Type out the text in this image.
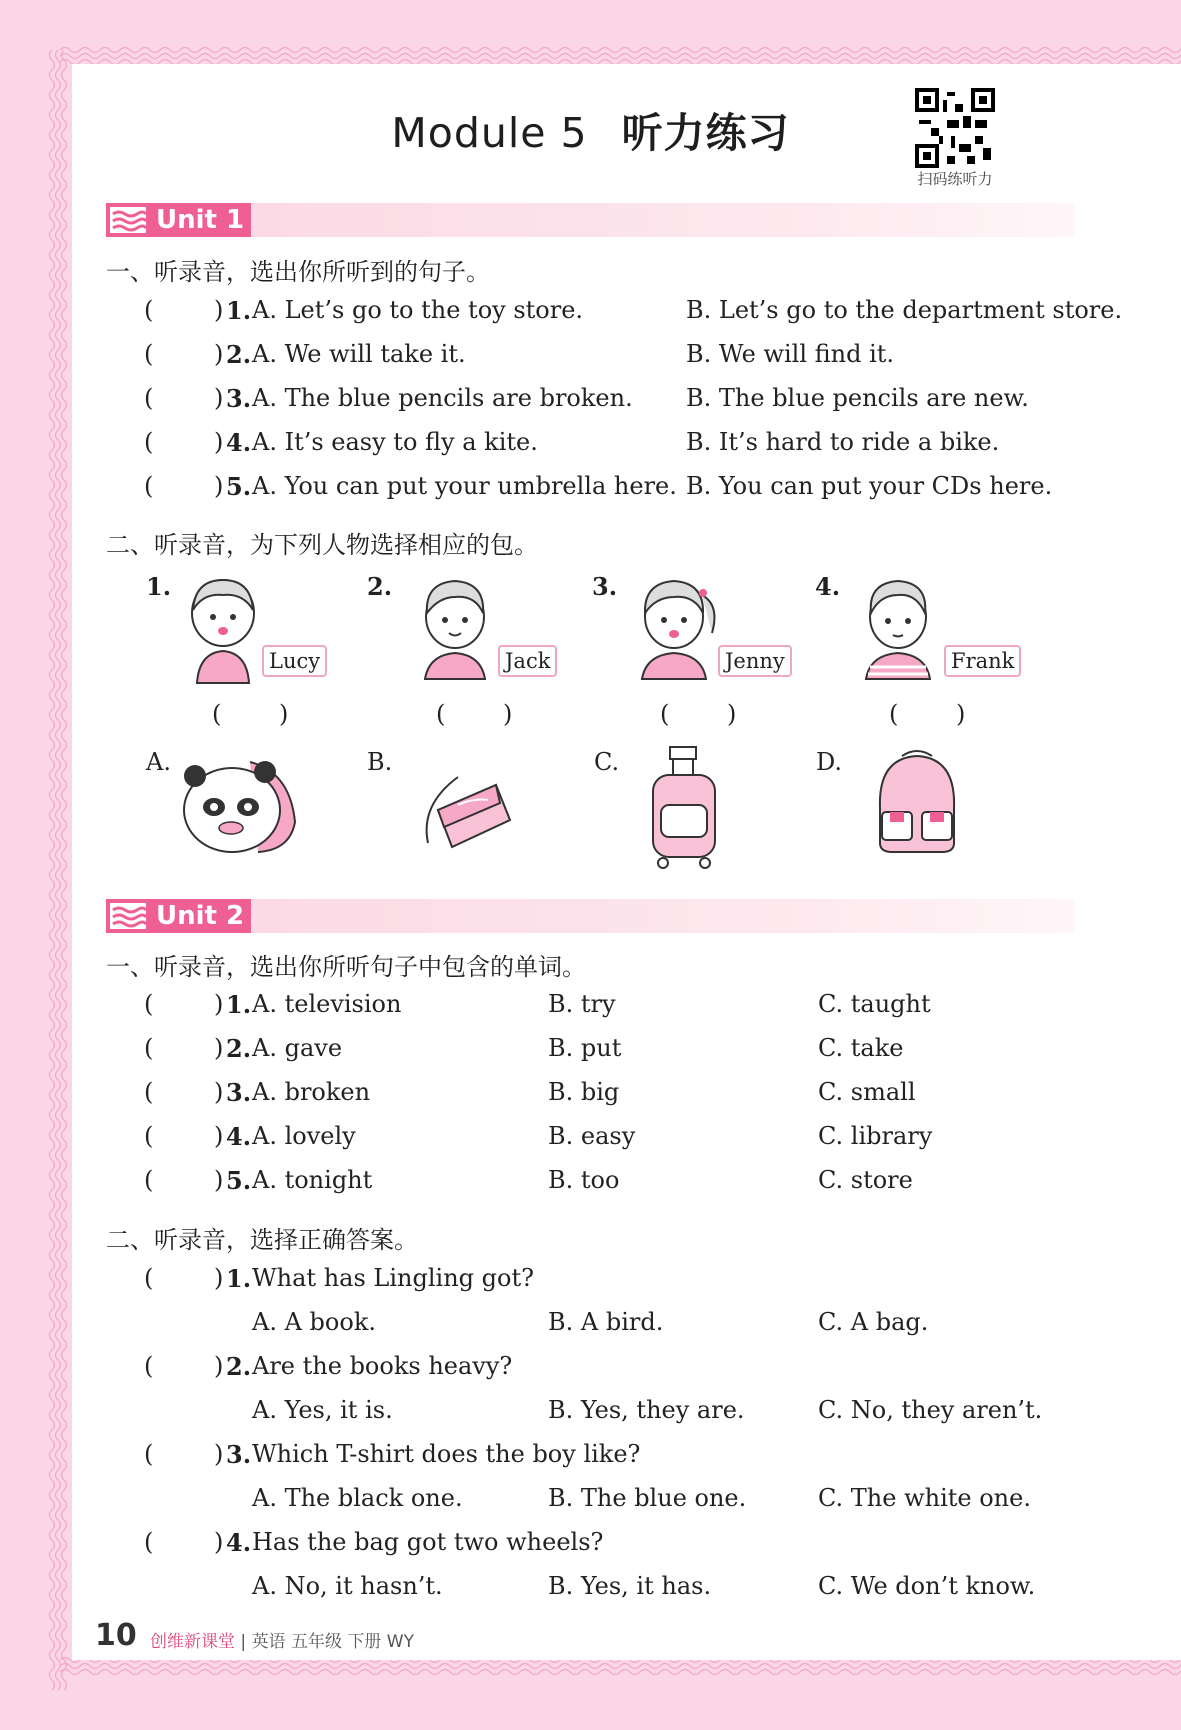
Module 5 听力练习
扫码练听力
Unit 1
一、听录音，选出你所听到的句子。
(	) 1. A. Let’s go to the toy store.	B. Let’s go to the department store.
(	) 2. A. We will take it.	B. We will find it.
(	) 3. A. The blue pencils are broken. B. The blue pencils are new.
(	) 4. A. It’s easy to fly a kite.	B. It’s hard to ride a bike.
(	) 5. A. You can put your umbrella here. B. You can put your CDs here.
二、听录音，为下列人物选择相应的包。
1.
Lucy
2.
Jack
3.
Jenny
4.
Frank
( )	( )	( )	( )
A.	B.	C.	D.
Unit 2
一、听录音，选出你所听句子中包含的单词。
(	) 1. A. television	B. try	C. taught
(	) 2. A. gave	B. put	C. take
(	) 3. A. broken	B. big	C. small
(	) 4. A. lovely	B. easy	C. library
(	) 5. A. tonight	B. too	C. store
二、听录音，选择正确答案。
(	) 1. What has Lingling got?
A. A book.	B. A bird.	C. A bag.
(	) 2. Are the books heavy?
A. Yes, it is.	B. Yes, they are.	C. No, they aren’t.
(	) 3. Which T-shirt does the boy like?
A. The black one.	B. The blue one.	C. The white one.
(	) 4. Has the bag got two wheels?
A. No, it hasn’t.	B. Yes, it has.	C. We don’t know.
10 创维新课堂 | 英语 五年级 下册 WY
